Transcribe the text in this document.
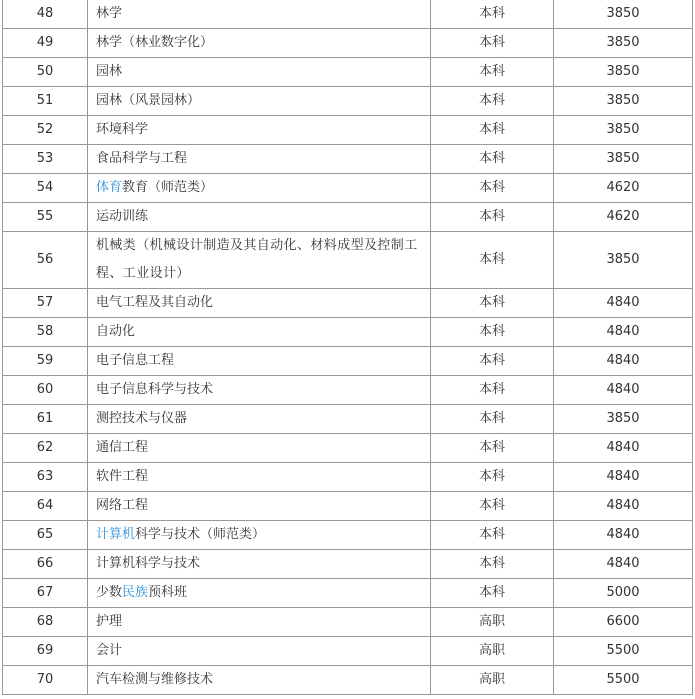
48	林学	本科	3850
49	林学（林业数字化）	本科	3850
50	园林	本科	3850
51	园林（风景园林）	本科	3850
52	环境科学	本科	3850
53	食品科学与工程	本科	3850
54	体育教育（师范类）	本科	4620
55	运动训练	本科	4620
56	机械类（机械设计制造及其自动化、材料成型及控制工程、工业设计）	本科	3850
57	电气工程及其自动化	本科	4840
58	自动化	本科	4840
59	电子信息工程	本科	4840
60	电子信息科学与技术	本科	4840
61	测控技术与仪器	本科	3850
62	通信工程	本科	4840
63	软件工程	本科	4840
64	网络工程	本科	4840
65	计算机科学与技术（师范类）	本科	4840
66	计算机科学与技术	本科	4840
67	少数民族预科班	本科	5000
68	护理	高职	6600
69	会计	高职	5500
70	汽车检测与维修技术	高职	5500
